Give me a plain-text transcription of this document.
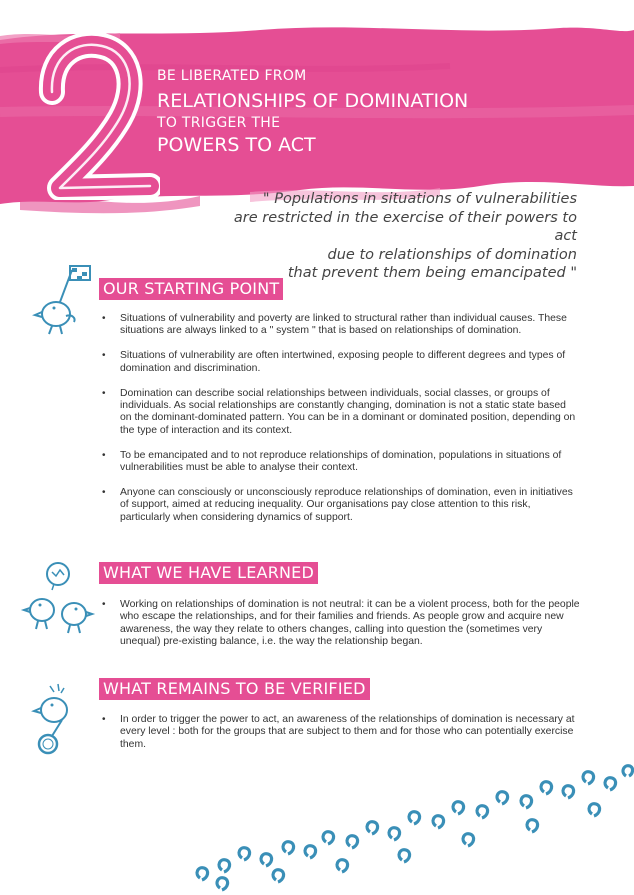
BE LIBERATED FROM
RELATIONSHIPS OF DOMINATION
TO TRIGGER THE
POWERS TO ACT
" Populations in situations of vulnerabilities
are restricted in the exercise of their powers to act
due to relationships of domination
that prevent them being emancipated "
OUR STARTING POINT
• Situations of vulnerability and poverty are linked to structural rather than individual causes. These situations are always linked to a " system " that is based on relationships of domination.
• Situations of vulnerability are often intertwined, exposing people to different degrees and types of domination and discrimination.
• Domination can describe social relationships between individuals, social classes, or groups of individuals. As social relationships are constantly changing, domination is not a static state based on the dominant-dominated pattern. You can be in a dominant or dominated position, depending on the type of interaction and its context.
• To be emancipated and to not reproduce relationships of domination, populations in situations of vulnerabilities must be able to analyse their context.
• Anyone can consciously or unconsciously reproduce relationships of domination, even in initiatives of support, aimed at reducing inequality. Our organisations pay close attention to this risk, particularly when considering dynamics of support.
WHAT WE HAVE LEARNED
• Working on relationships of domination is not neutral: it can be a violent process, both for the people who escape the relationships, and for their families and friends. As people grow and acquire new awareness, the way they relate to others changes, calling into question the (sometimes very unequal) pre-existing balance, i.e. the way the relationship began.
WHAT REMAINS TO BE VERIFIED
• In order to trigger the power to act, an awareness of the relationships of domination is necessary at every level : both for the groups that are subject to them and for those who can potentially exercise them.
